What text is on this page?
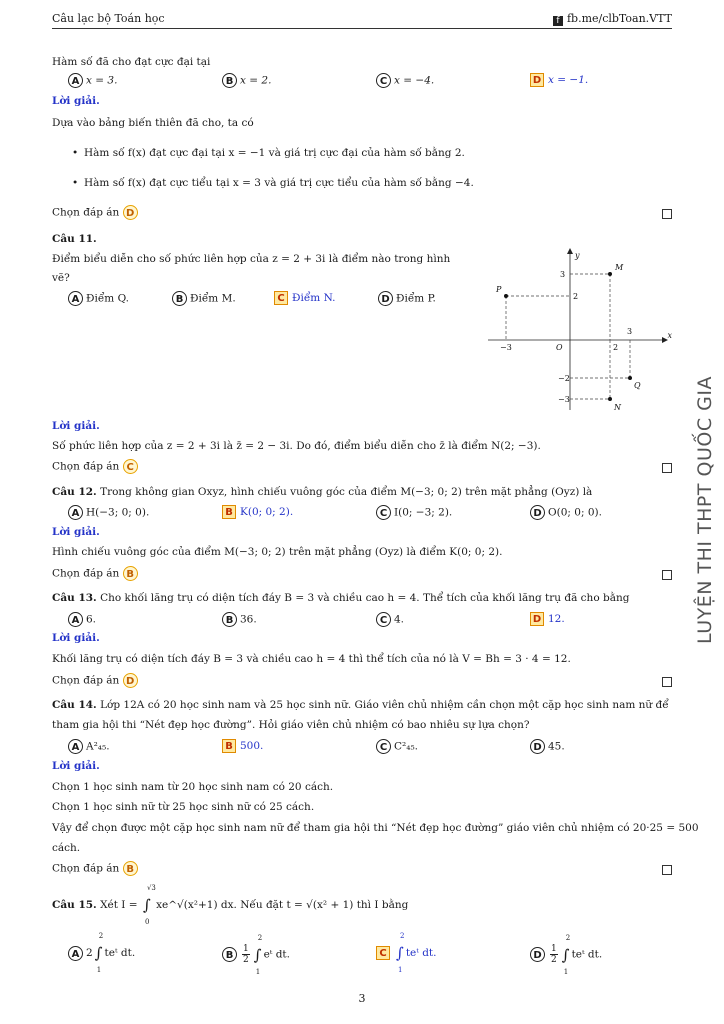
Câu lạc bộ Toán học	f fb.me/clbToan.VTT
Hàm số đã cho đạt cực đại tại
A x = 3.	B x = 2.	C x = −4.	D x = −1.
Lời giải.
Dựa vào bảng biến thiên đã cho, ta có
• Hàm số f(x) đạt cực đại tại x = −1 và giá trị cực đại của hàm số bằng 2.
• Hàm số f(x) đạt cực tiểu tại x = 3 và giá trị cực tiểu của hàm số bằng −4.
Chọn đáp án D
Câu 11.
Điểm biểu diễn cho số phức liên hợp của z = 2 + 3i là điểm nào trong hình
vẽ?
A Điểm Q.	B Điểm M.	C Điểm N.	D Điểm P.
x
y
O
3
2
−3	2
3
−2
−3
M
P
Q
N
Lời giải.
Số phức liên hợp của z = 2 + 3i là z̄ = 2 − 3i. Do đó, điểm biểu diễn cho z̄ là điểm N(2; −3).
Chọn đáp án C
Câu 12. Trong không gian Oxyz, hình chiếu vuông góc của điểm M(−3; 0; 2) trên mặt phẳng (Oyz) là
A H(−3; 0; 0).	B K(0; 0; 2).	C I(0; −3; 2).	D O(0; 0; 0).
Lời giải.
Hình chiếu vuông góc của điểm M(−3; 0; 2) trên mặt phẳng (Oyz) là điểm K(0; 0; 2).
Chọn đáp án B
Câu 13. Cho khối lăng trụ có diện tích đáy B = 3 và chiều cao h = 4. Thể tích của khối lăng trụ đã cho bằng
A 6.	B 36.	C 4.	D 12.
Lời giải.
Khối lăng trụ có diện tích đáy B = 3 và chiều cao h = 4 thì thể tích của nó là V = Bh = 3 · 4 = 12.
Chọn đáp án D
Câu 14. Lớp 12A có 20 học sinh nam và 25 học sinh nữ. Giáo viên chủ nhiệm cần chọn một cặp học sinh nam nữ để
tham gia hội thi “Nét đẹp học đường”. Hỏi giáo viên chủ nhiệm có bao nhiêu sự lựa chọn?
A A²₄₅.	B 500.	C C²₄₅.	D 45.
Lời giải.
Chọn 1 học sinh nam từ 20 học sinh nam có 20 cách.
Chọn 1 học sinh nữ từ 25 học sinh nữ có 25 cách.
Vậy để chọn được một cặp học sinh nam nữ để tham gia hội thi “Nét đẹp học đường” giáo viên chủ nhiệm có 20·25 = 500
cách.
Chọn đáp án B
Câu 15. Xét I = ∫
√3
0
xe^√(x²+1) dx. Nếu đặt t = √(x² + 1) thì I bằng
A 2 ∫
2
1
teᵗ dt.	B $\frac{1}{2}$ ∫
2
1
eᵗ dt.	C ∫
2
1
teᵗ dt.	D $\frac{1}{2}$ ∫
2
1
teᵗ dt.
LUYỆN THI THPT QUỐC GIA
3
